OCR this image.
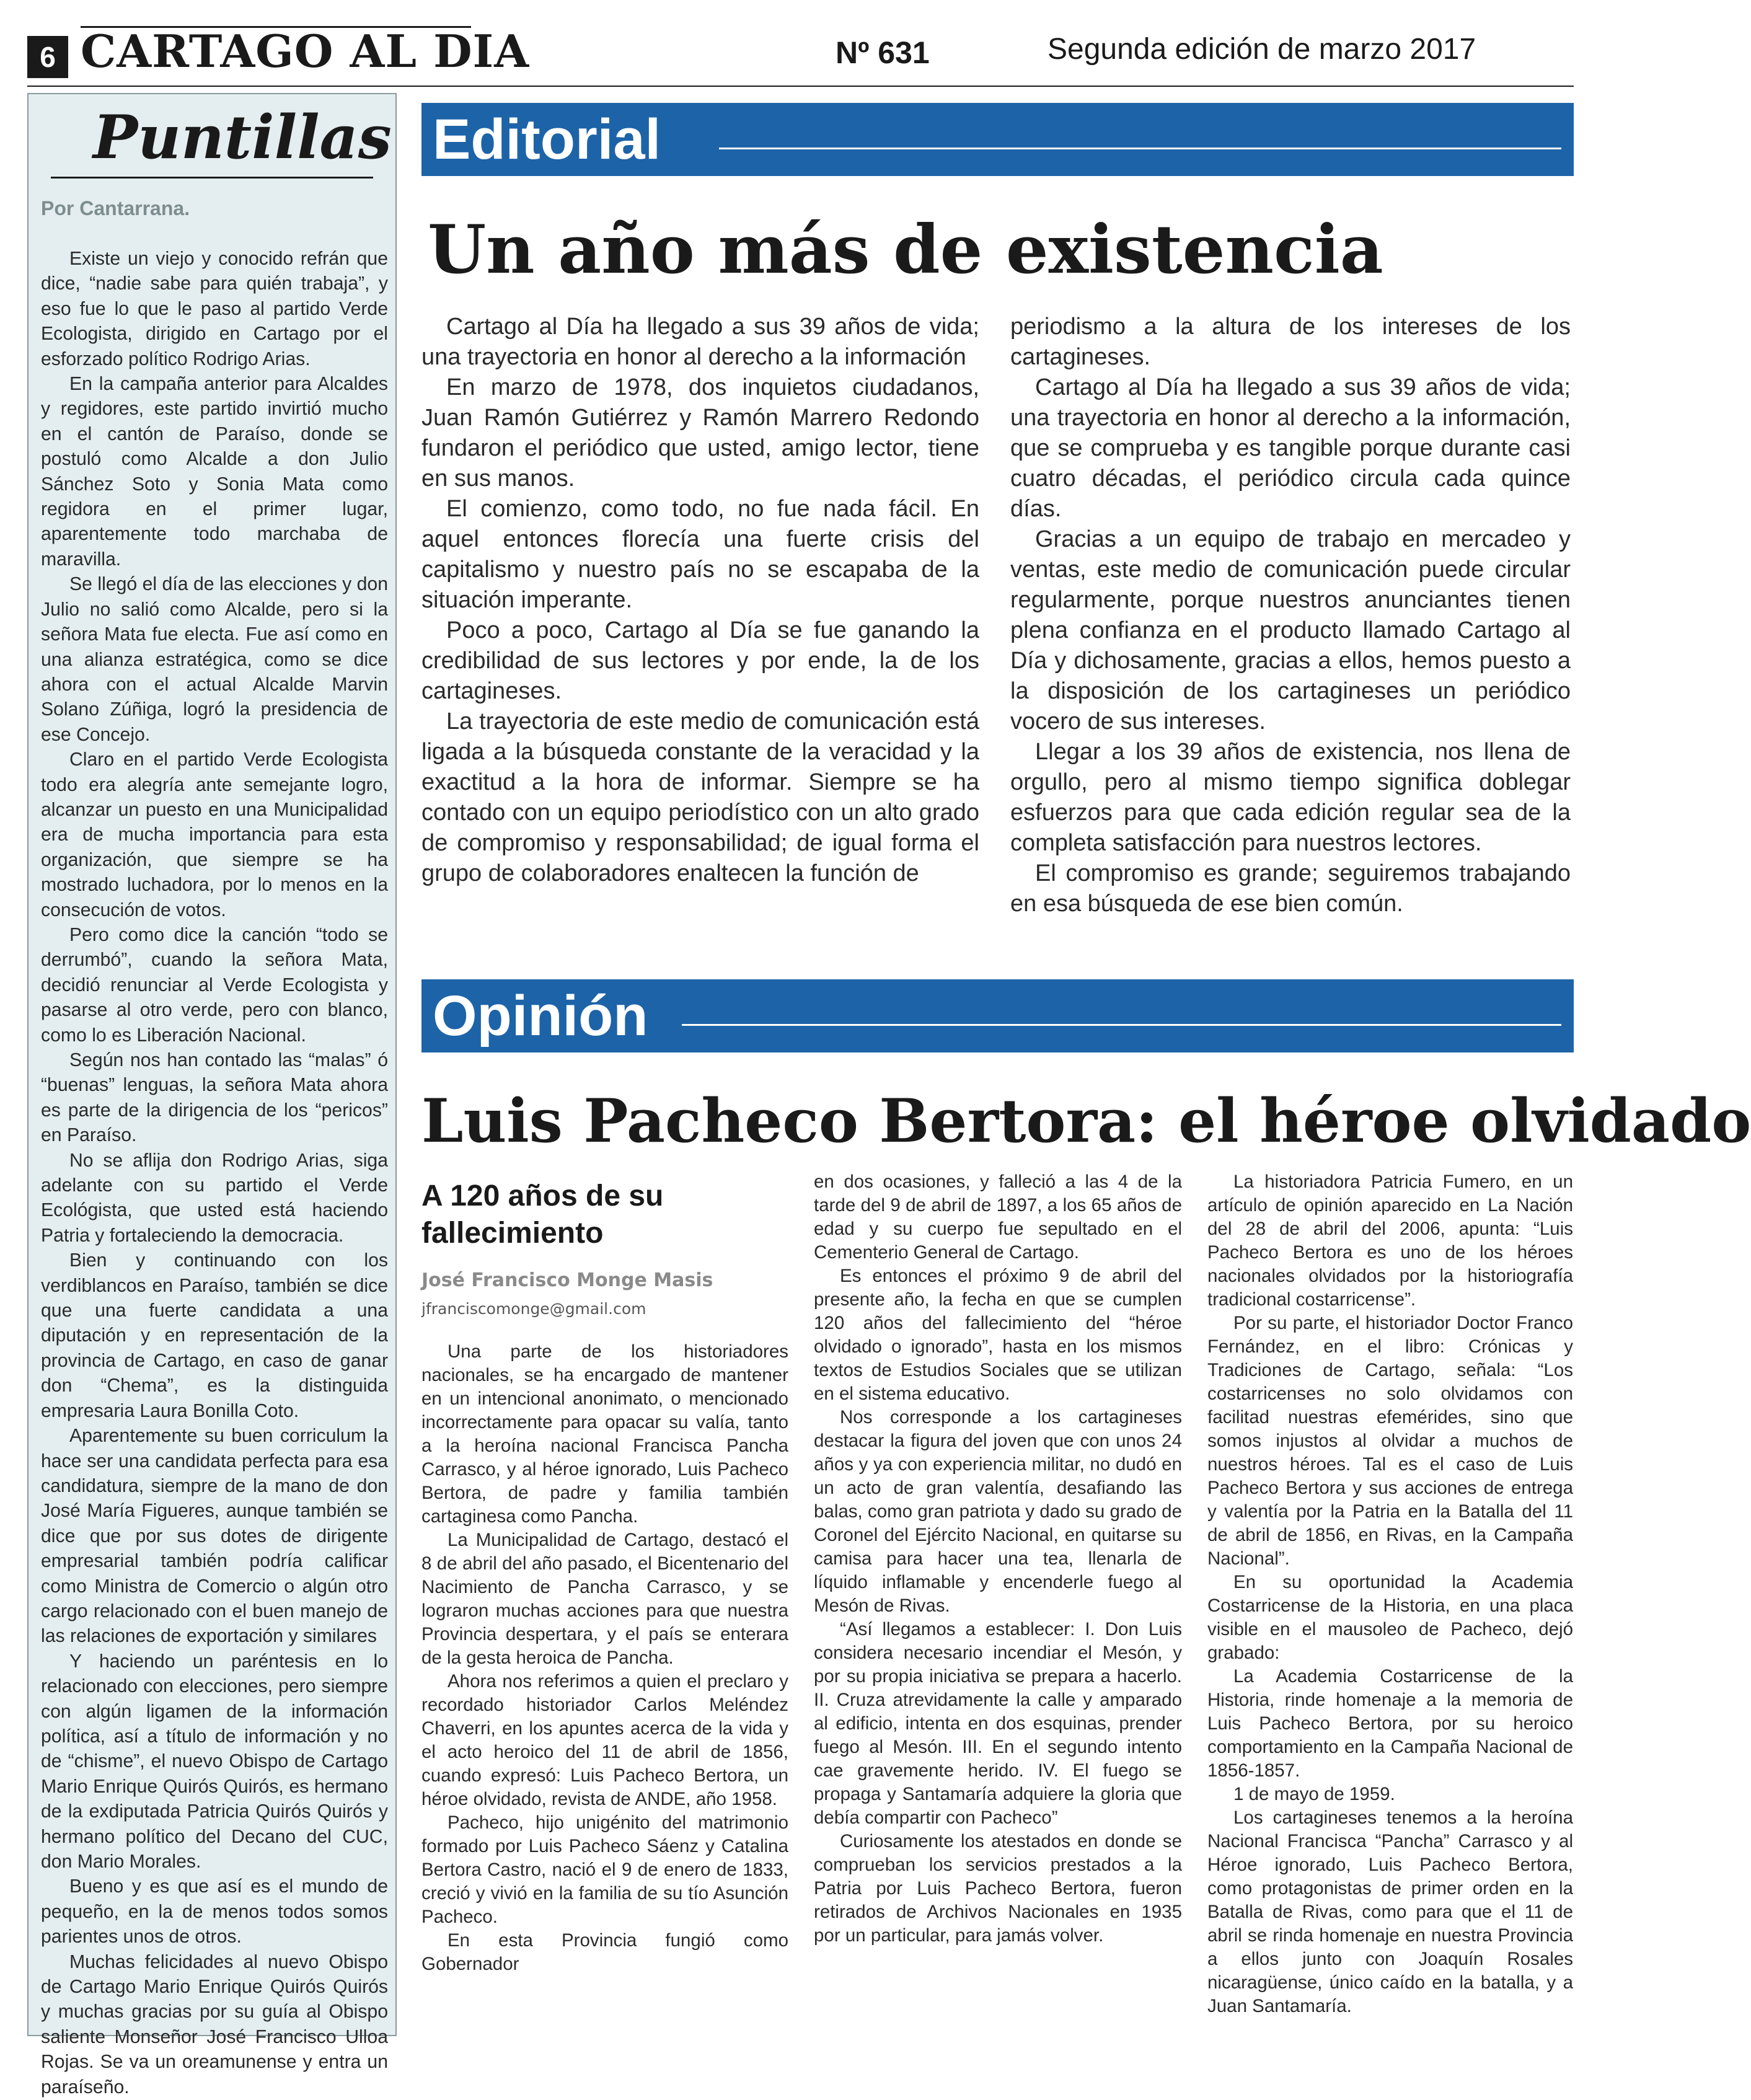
6 CARTAGO AL DIA	Nº 631	Segunda edición de marzo 2017
Puntillas
Por Cantarrana.

Existe un viejo y conocido refrán que dice, “nadie sabe para quién trabaja”, y eso fue lo que le paso al partido Verde Ecologista, dirigido en Cartago por el esforzado político Rodrigo Arias.

En la campaña anterior para Alcaldes y regidores, este partido invirtió mucho en el cantón de Paraíso, donde se postuló como Alcalde a don Julio Sánchez Soto y Sonia Mata como regidora en el primer lugar, aparentemente todo marchaba de maravilla.

Se llegó el día de las elecciones y don Julio no salió como Alcalde, pero si la señora Mata fue electa. Fue así como en una alianza estratégica, como se dice ahora con el actual Alcalde Marvin Solano Zúñiga, logró la presidencia de ese Concejo.

Claro en el partido Verde Ecologista todo era alegría ante semejante logro, alcanzar un puesto en una Municipalidad era de mucha importancia para esta organización, que siempre se ha mostrado luchadora, por lo menos en la consecución de votos.

Pero como dice la canción “todo se derrumbó”, cuando la señora Mata, decidió renunciar al Verde Ecologista y pasarse al otro verde, pero con blanco, como lo es Liberación Nacional.

Según nos han contado las “malas” ó “buenas” lenguas, la señora Mata ahora es parte de la dirigencia de los “pericos” en Paraíso.

No se aflija don Rodrigo Arias, siga adelante con su partido el Verde Ecológista, que usted está haciendo Patria y fortaleciendo la democracia.

Bien y continuando con los verdiblancos en Paraíso, también se dice que una fuerte candidata a una diputación y en representación de la provincia de Cartago, en caso de ganar don “Chema”, es la distinguida empresaria Laura Bonilla Coto.

Aparentemente su buen corriculum la hace ser una candidata perfecta para esa candidatura, siempre de la mano de don José María Figueres, aunque también se dice que por sus dotes de dirigente empresarial también podría calificar como Ministra de Comercio o algún otro cargo relacionado con el buen manejo de las relaciones de exportación y similares

Y haciendo un paréntesis en lo relacionado con elecciones, pero siempre con algún ligamen de la información política, así a título de información y no de “chisme”, el nuevo Obispo de Cartago Mario Enrique Quirós Quirós, es hermano de la exdiputada Patricia Quirós Quirós y hermano político del Decano del CUC, don Mario Morales.

Bueno y es que así es el mundo de pequeño, en la de menos todos somos parientes unos de otros.

Muchas felicidades al nuevo Obispo de Cartago Mario Enrique Quirós Quirós y muchas gracias por su guía al Obispo saliente Monseñor José Francisco Ulloa Rojas. Se va un oreamunense y entra un paraíseño.

Editorial
Un año más de existencia

Cartago al Día ha llegado a sus 39 años de vida; una trayectoria en honor al derecho a la información

En marzo de 1978, dos inquietos ciudadanos, Juan Ramón Gutiérrez y Ramón Marrero Redondo fundaron el periódico que usted, amigo lector, tiene en sus manos.

El comienzo, como todo, no fue nada fácil. En aquel entonces florecía una fuerte crisis del capitalismo y nuestro país no se escapaba de la situación imperante.

Poco a poco, Cartago al Día se fue ganando la credibilidad de sus lectores y por ende, la de los cartagineses.

La trayectoria de este medio de comunicación está ligada a la búsqueda constante de la veracidad y la exactitud a la hora de informar. Siempre se ha contado con un equipo periodístico con un alto grado de compromiso y responsabilidad; de igual forma el grupo de colaboradores enaltecen la función de

periodismo a la altura de los intereses de los cartagineses.

Cartago al Día ha llegado a sus 39 años de vida; una trayectoria en honor al derecho a la información, que se comprueba y es tangible porque durante casi cuatro décadas, el periódico circula cada quince días.

Gracias a un equipo de trabajo en mercadeo y ventas, este medio de comunicación puede circular regularmente, porque nuestros anunciantes tienen plena confianza en el producto llamado Cartago al Día y dichosamente, gracias a ellos, hemos puesto a la disposición de los cartagineses un periódico vocero de sus intereses.

Llegar a los 39 años de existencia, nos llena de orgullo, pero al mismo tiempo significa doblegar esfuerzos para que cada edición regular sea de la completa satisfacción para nuestros lectores.

El compromiso es grande; seguiremos trabajando en esa búsqueda de ese bien común.

Opinión
Luis Pacheco Bertora: el héroe olvidado
A 120 años de su fallecimiento
José Francisco Monge Masis
jfranciscomonge@gmail.com

Una parte de los historiadores nacionales, se ha encargado de mantener en un intencional anonimato, o mencionado incorrectamente para opacar su valía, tanto a la heroína nacional Francisca Pancha Carrasco, y al héroe ignorado, Luis Pacheco Bertora, de padre y familia también cartaginesa como Pancha.

La Municipalidad de Cartago, destacó el 8 de abril del año pasado, el Bicentenario del Nacimiento de Pancha Carrasco, y se lograron muchas acciones para que nuestra Provincia despertara, y el país se enterara de la gesta heroica de Pancha.

Ahora nos referimos a quien el preclaro y recordado historiador Carlos Meléndez Chaverri, en los apuntes acerca de la vida y el acto heroico del 11 de abril de 1856, cuando expresó: Luis Pacheco Bertora, un héroe olvidado, revista de ANDE, año 1958.

Pacheco, hijo unigénito del matrimonio formado por Luis Pacheco Sáenz y Catalina Bertora Castro, nació el 9 de enero de 1833, creció y vivió en la familia de su tío Asunción Pacheco.

En esta Provincia fungió como Gobernador

en dos ocasiones, y falleció a las 4 de la tarde del 9 de abril de 1897, a los 65 años de edad y su cuerpo fue sepultado en el Cementerio General de Cartago.

Es entonces el próximo 9 de abril del presente año, la fecha en que se cumplen 120 años del fallecimiento del “héroe olvidado o ignorado”, hasta en los mismos textos de Estudios Sociales que se utilizan en el sistema educativo.

Nos corresponde a los cartagineses destacar la figura del joven que con unos 24 años y ya con experiencia militar, no dudó en un acto de gran valentía, desafiando las balas, como gran patriota y dado su grado de Coronel del Ejército Nacional, en quitarse su camisa para hacer una tea, llenarla de líquido inflamable y encenderle fuego al Mesón de Rivas.

“Así llegamos a establecer: I. Don Luis considera necesario incendiar el Mesón, y por su propia iniciativa se prepara a hacerlo. II. Cruza atrevidamente la calle y amparado al edificio, intenta en dos esquinas, prender fuego al Mesón. III. En el segundo intento cae gravemente herido. IV. El fuego se propaga y Santamaría adquiere la gloria que debía compartir con Pacheco”

Curiosamente los atestados en donde se comprueban los servicios prestados a la Patria por Luis Pacheco Bertora, fueron retirados de Archivos Nacionales en 1935 por un particular, para jamás volver.

La historiadora Patricia Fumero, en un artículo de opinión aparecido en La Nación del 28 de abril del 2006, apunta: “Luis Pacheco Bertora es uno de los héroes nacionales olvidados por la historiografía tradicional costarricense”.

Por su parte, el historiador Doctor Franco Fernández, en el libro: Crónicas y Tradiciones de Cartago, señala: “Los costarricenses no solo olvidamos con facilitad nuestras efemérides, sino que somos injustos al olvidar a muchos de nuestros héroes. Tal es el caso de Luis Pacheco Bertora y sus acciones de entrega y valentía por la Patria en la Batalla del 11 de abril de 1856, en Rivas, en la Campaña Nacional”.

En su oportunidad la Academia Costarricense de la Historia, en una placa visible en el mausoleo de Pacheco, dejó grabado:

La Academia Costarricense de la Historia, rinde homenaje a la memoria de Luis Pacheco Bertora, por su heroico comportamiento en la Campaña Nacional de 1856-1857.

1 de mayo de 1959.

Los cartagineses tenemos a la heroína Nacional Francisca “Pancha” Carrasco y al Héroe ignorado, Luis Pacheco Bertora, como protagonistas de primer orden en la Batalla de Rivas, como para que el 11 de abril se rinda homenaje en nuestra Provincia a ellos junto con Joaquín Rosales nicaragüense, único caído en la batalla, y a Juan Santamaría.
